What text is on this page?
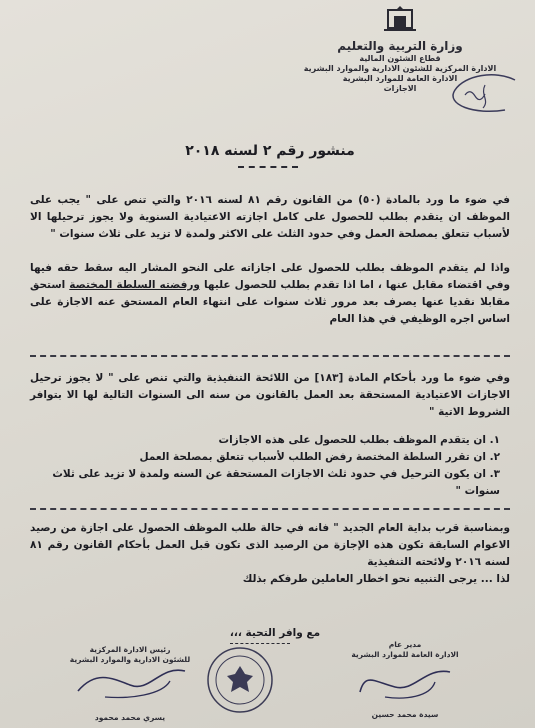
وزارة التربية والتعليم
قطاع الشئون المالية
الادارة المركزية للشئون الادارية والموارد البشرية
الادارة العامة للموارد البشرية
الاجازات
منشور رقم ٢ لسنه ٢٠١٨
في ضوء ما ورد بالمادة (٥٠) من القانون رقم ٨١ لسنه ٢٠١٦ والتي تنص على " يجب على الموظف ان يتقدم بطلب للحصول على كامل اجازته الاعتيادية السنوية ولا يجوز ترحيلها الا لأسباب تتعلق بمصلحة العمل وفي حدود الثلث على الاكثر ولمدة لا تزيد على ثلاث سنوات "
واذا لم يتقدم الموظف بطلب للحصول على اجازاته على النحو المشار اليه سقط حقه فيها وفي اقتضاء مقابل عنها ، اما اذا تقدم بطلب للحصول عليها ورفضته السلطة المختصة استحق مقابلا نقديا عنها يصرف بعد مرور ثلاث سنوات على انتهاء العام المستحق عنه الاجازة على اساس اجره الوظيفي في هذا العام
وفي ضوء ما ورد بأحكام المادة [١٨٣] من اللائحة التنفيذية والتي تنص على " لا يجوز ترحيل الاجازات الاعتيادية المستحقة بعد العمل بالقانون من سنه الى السنوات التالية لها الا بتوافر الشروط الاتية "
١. ان يتقدم الموظف بطلب للحصول على هذه الاجازات
٢. ان تقرر السلطة المختصة رفض الطلب لأسباب تتعلق بمصلحة العمل
٣. ان يكون الترحيل في حدود ثلث الاجازات المستحقة عن السنه ولمدة لا تزيد على ثلاث سنوات "
وبمناسبة قرب بداية العام الجديد " فانه في حالة طلب الموظف الحصول على اجازة من رصيد الاعوام السابقة تكون هذه الإجازة من الرصيد الذى تكون قبل العمل بأحكام القانون رقم ٨١ لسنه ٢٠١٦ ولائحته التنفيذية
لذا ... يرجى التنبيه نحو اخطار العاملين طرفكم بذلك
مع وافر التحية ،،،
مدير عام
الادارة العامة للموارد البشرية
سيدة محمد حسين
رئيس الادارة المركزية
للشئون الادارية والموارد البشرية
يسري محمد محمود
